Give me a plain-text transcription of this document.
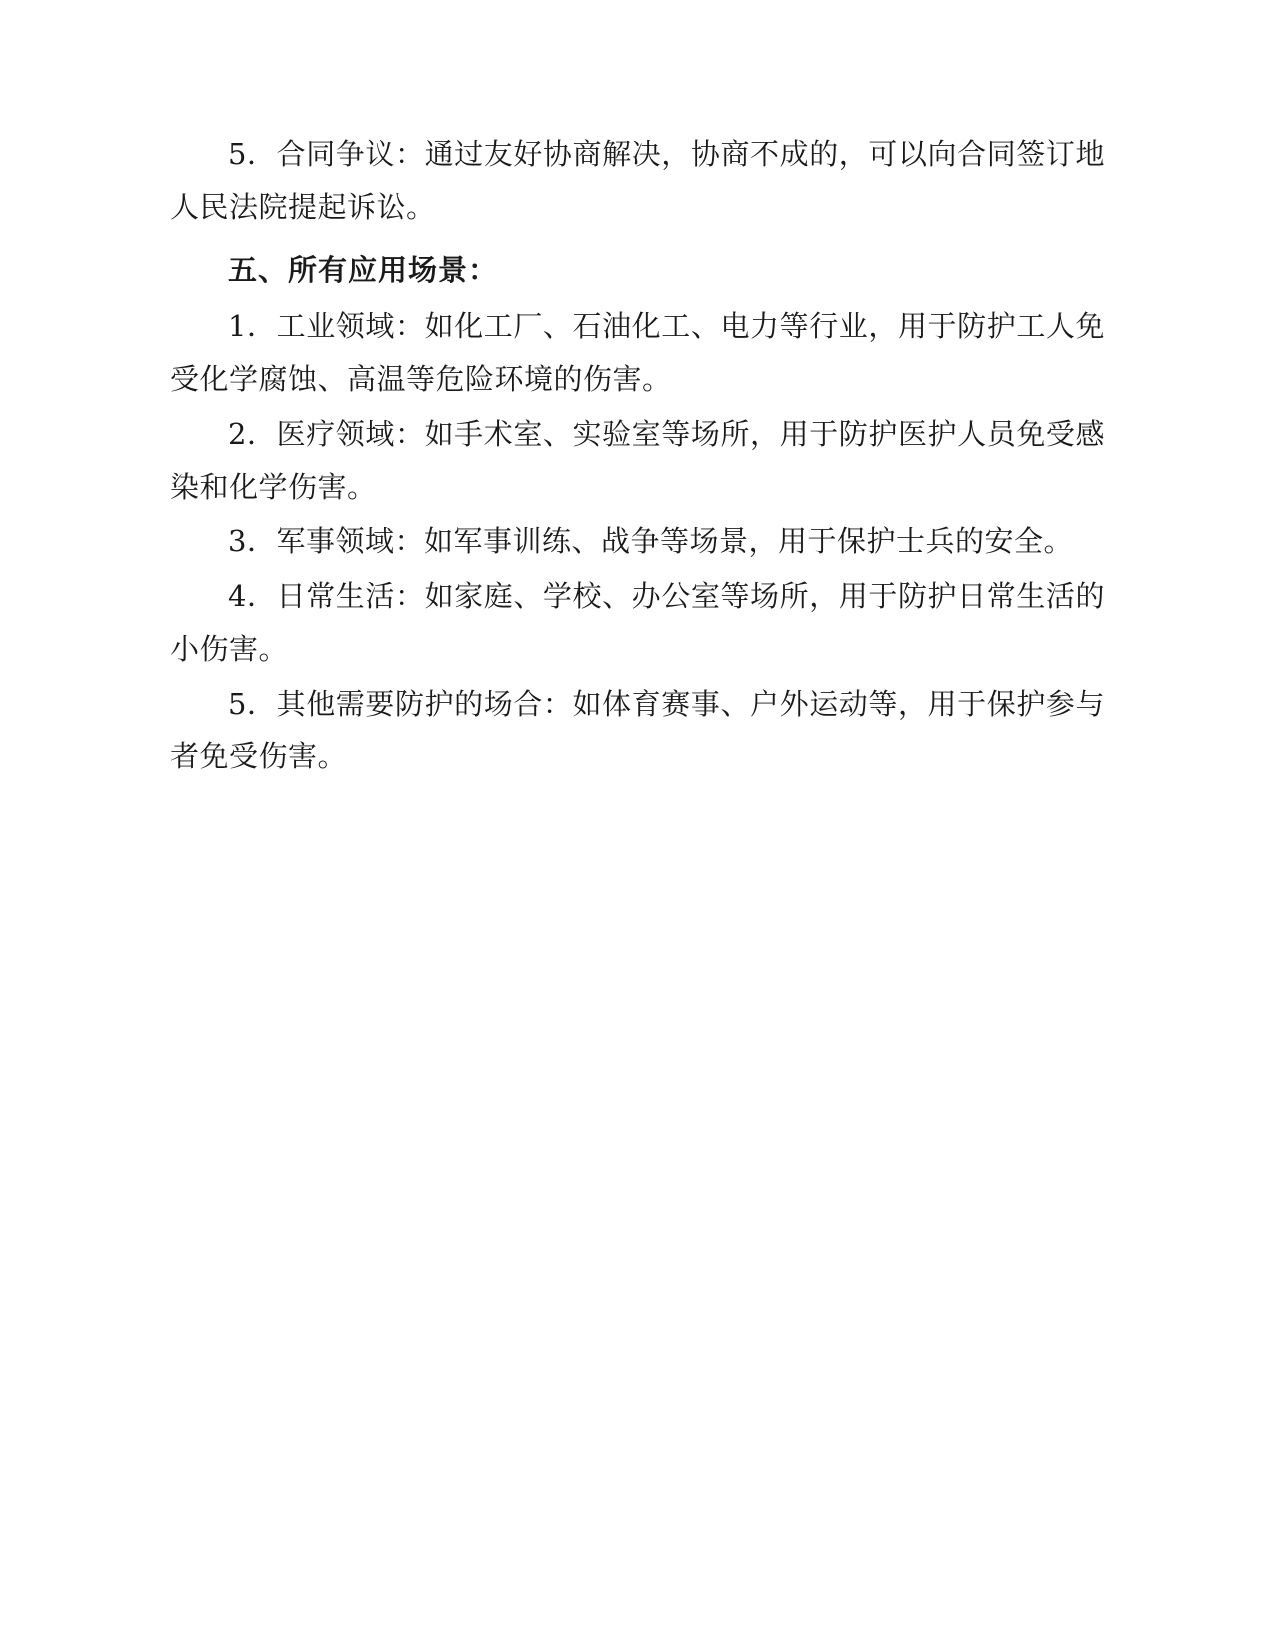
5．合同争议：通过友好协商解决，协商不成的，可以向合同签订地人民法院提起诉讼。

五、所有应用场景：

1．工业领域：如化工厂、石油化工、电力等行业，用于防护工人免受化学腐蚀、高温等危险环境的伤害。

2．医疗领域：如手术室、实验室等场所，用于防护医护人员免受感染和化学伤害。

3．军事领域：如军事训练、战争等场景，用于保护士兵的安全。

4．日常生活：如家庭、学校、办公室等场所，用于防护日常生活的小伤害。

5．其他需要防护的场合：如体育赛事、户外运动等，用于保护参与者免受伤害。
